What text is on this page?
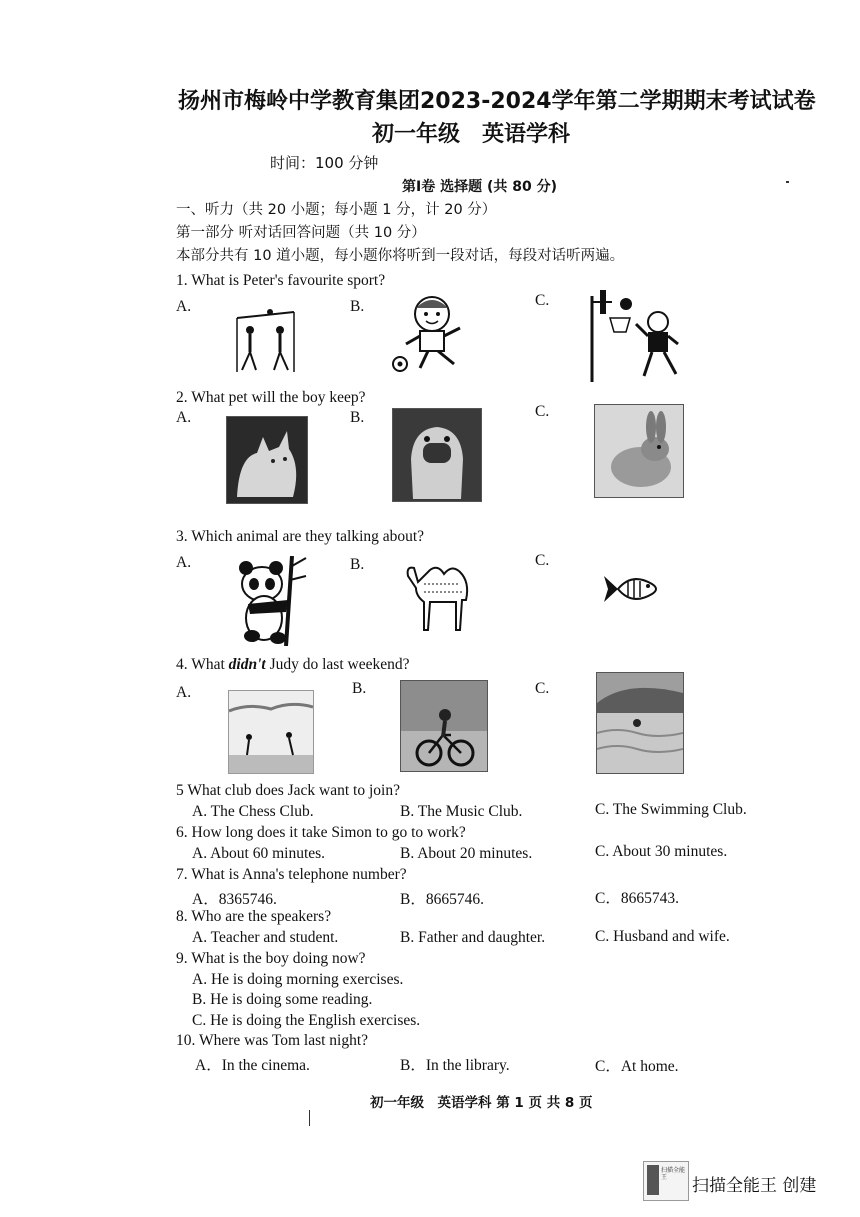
扬州市梅岭中学教育集团2023-2024学年第二学期期末考试试卷
初一年级　英语学科
时间：100 分钟
第Ⅰ卷 选择题 (共 80 分)
一、听力（共 20 小题；每小题 1 分，计 20 分）
第一部分 听对话回答问题（共 10 分）
本部分共有 10 道小题，每小题你将听到一段对话，每段对话听两遍。
1. What is Peter's favourite sport?
A.	B.	C.
2. What pet will the boy keep?
A.	B.	C.
3. Which animal are they talking about?
A.	B.	C.
4. What didn't Judy do last weekend?
A.	B.	C.
5 What club does Jack want to join?
A. The Chess Club.	B. The Music Club.	C. The Swimming Club.
6. How long does it take Simon to go to work?
A. About 60 minutes.	B. About 20 minutes.	C. About 30 minutes.
7. What is Anna's telephone number?
A．8365746.	B．8665746.	C．8665743.
8. Who are the speakers?
A. Teacher and student.	B. Father and daughter.	C. Husband and wife.
9. What is the boy doing now?
A. He is doing morning exercises.
B. He is doing some reading.
C. He is doing the English exercises.
10. Where was Tom last night?
A．In the cinema.	B．In the library.	C．At home.
初一年级　英语学科 第 1 页 共 8 页
扫描全能王	扫描全能王 创建
